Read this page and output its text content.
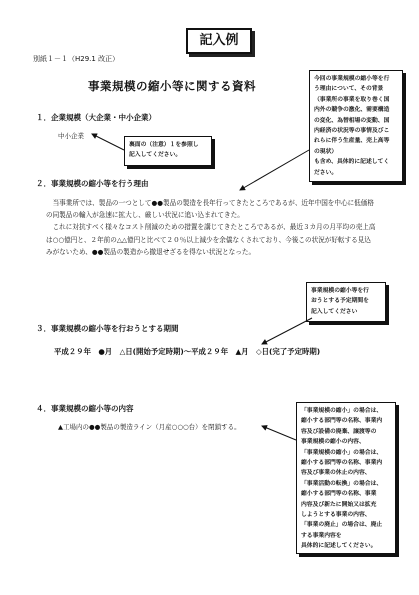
記入例
別紙１－１（H29.1 改正）
事業規模の縮小等に関する資料
１．企業規模（大企業・中小企業）
中小企業
２．事業規模の縮小等を行う理由

当事業所では、製品の一つとして●●製品の製造を長年行ってきたところであるが、近年中国を中心に低価格の同製品の輸入が急速に拡大し、厳しい状況に追い込まれてきた。

これに対抗すべく様々なコスト削減のための措置を講じてきたところであるが、最近３カ月の月平均の売上高は○○億円と、２年前の△△億円と比べて２０％以上減少を余儀なくされており、今後この状況が好転する見込みがないため、●●製品の製造から撤退せざるを得ない状況となった。

３．事業規模の縮小等を行おうとする期間
平成２９年　●月　△日(開始予定時期)～平成２９年　▲月　◇日(完了予定時期)
４．事業規模の縮小等の内容
▲工場内の●●製品の製造ライン（月産○○○台）を閉鎖する。
今回の事業規模の縮小等を行
う理由について、その背景
（事業所の事業を取り巻く国
内外の競争の激化、需要構造
の変化、為替相場の変動、国
内経済の状況等の事情及びこ
れらに伴う生産量、売上高等
の現状）
も含め、具体的に記述してく
ださい。
裏面の（注意）１を参照し
記入してください。
事業規模の縮小等を行
おうとする予定期間を
記入してください
「事業規模の縮小」の場合は、
縮小する部門等の名称、事業内
容及び設備の廃棄、譲渡等の
事業規模の縮小の内容、
「事業規模の縮小」の場合は、
縮小する部門等の名称、事業内
容及び事業の休止の内容、
「事業活動の転換」の場合は、
縮小する部門等の名称、事業
内容及び新たに開始又は拡充
しようとする事業の内容、
「事業の廃止」の場合は、廃止
する事業内容を
具体的に記述してください。
